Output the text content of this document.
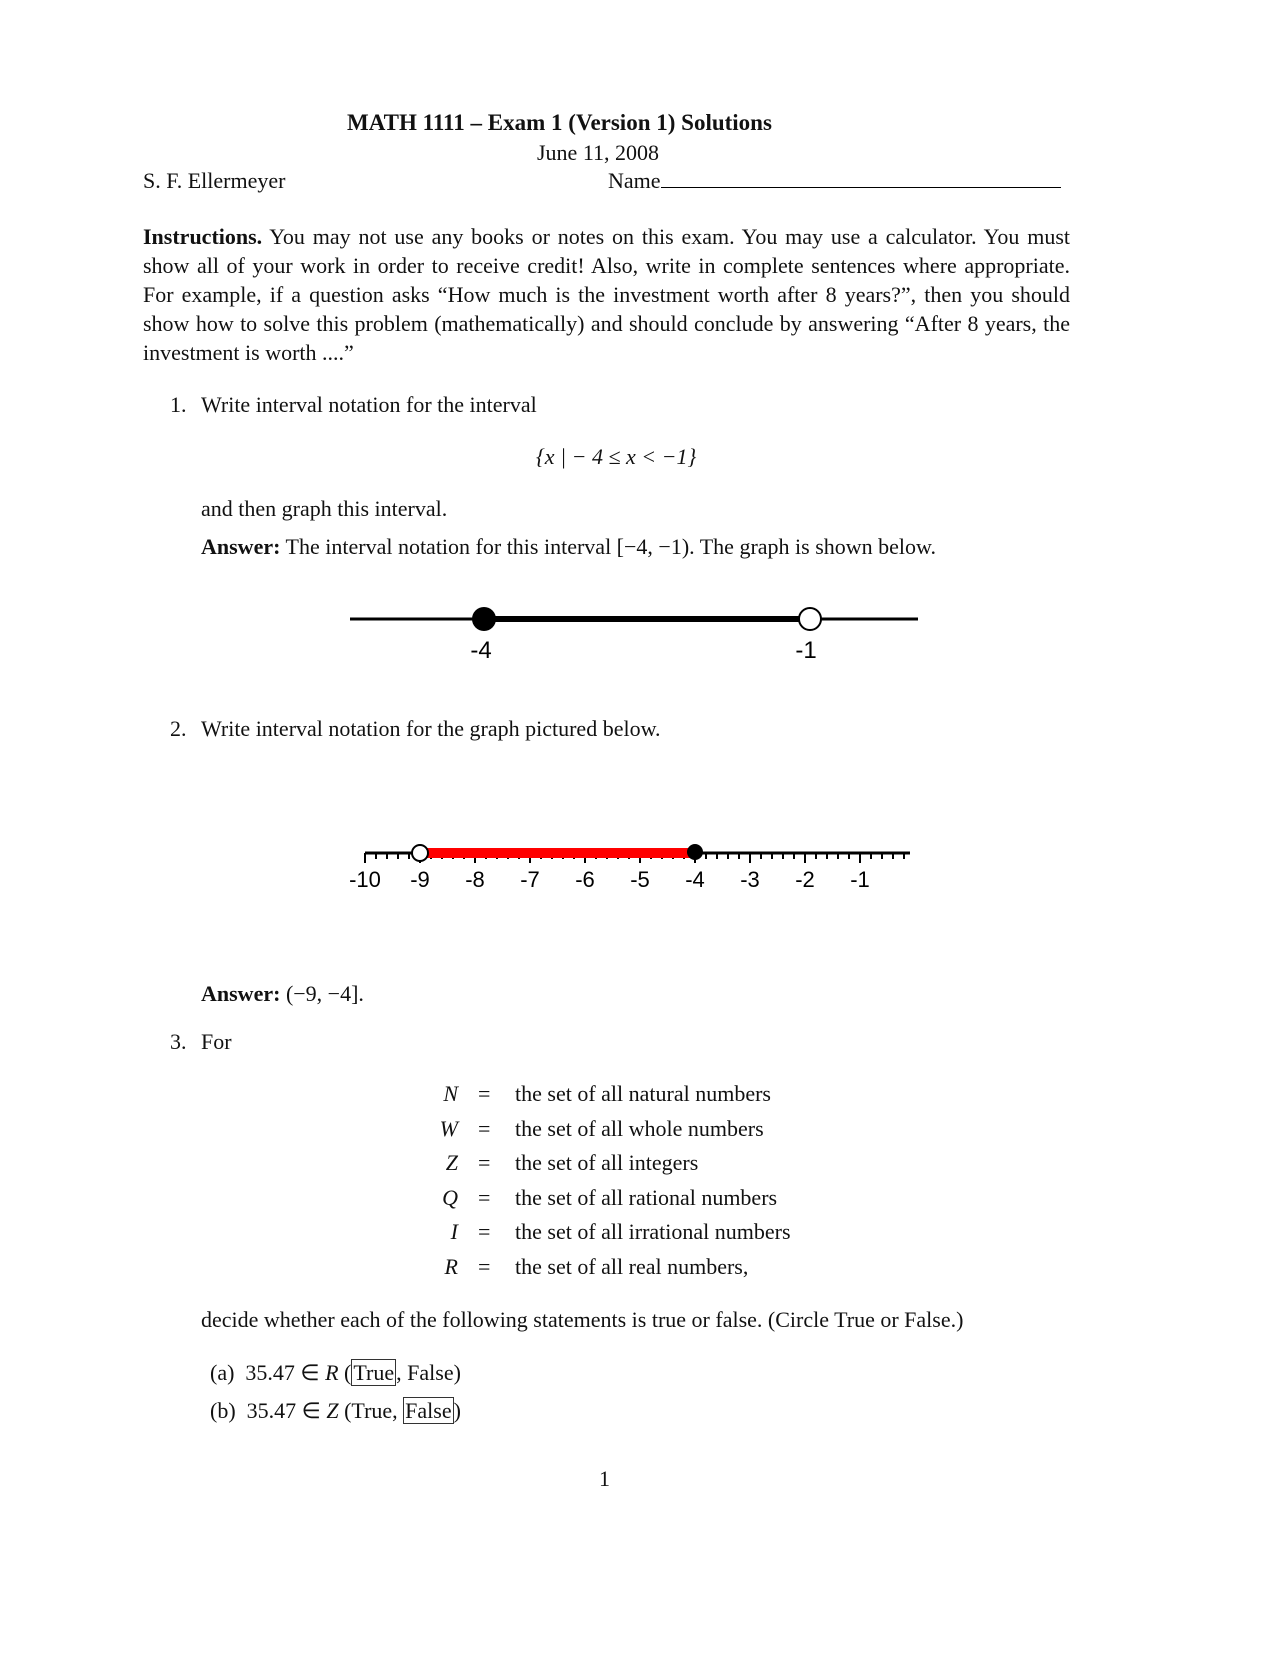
MATH 1111 – Exam 1 (Version 1) Solutions
June 11, 2008
S. F. Ellermeyer	Name
Instructions. You may not use any books or notes on this exam. You may use a calculator. You must show all of your work in order to receive credit! Also, write in complete sentences where appropriate. For example, if a question asks “How much is the investment worth after 8 years?”, then you should show how to solve this problem (mathematically) and should conclude by answering “After 8 years, the investment is worth ....”
1. Write interval notation for the interval
{x | − 4 ≤ x < −1}
and then graph this interval.
Answer: The interval notation for this interval [−4, −1). The graph is shown below.
-4	-1
2. Write interval notation for the graph pictured below.
-10 -9 -8 -7 -6 -5 -4 -3 -2 -1
Answer: (−9, −4].
3. For
N = the set of all natural numbers
W = the set of all whole numbers
Z = the set of all integers
Q = the set of all rational numbers
I = the set of all irrational numbers
R = the set of all real numbers,
decide whether each of the following statements is true or false. (Circle True or False.)
(a) 35.47 ∈ R (True, False)
(b) 35.47 ∈ Z (True, False)
1
